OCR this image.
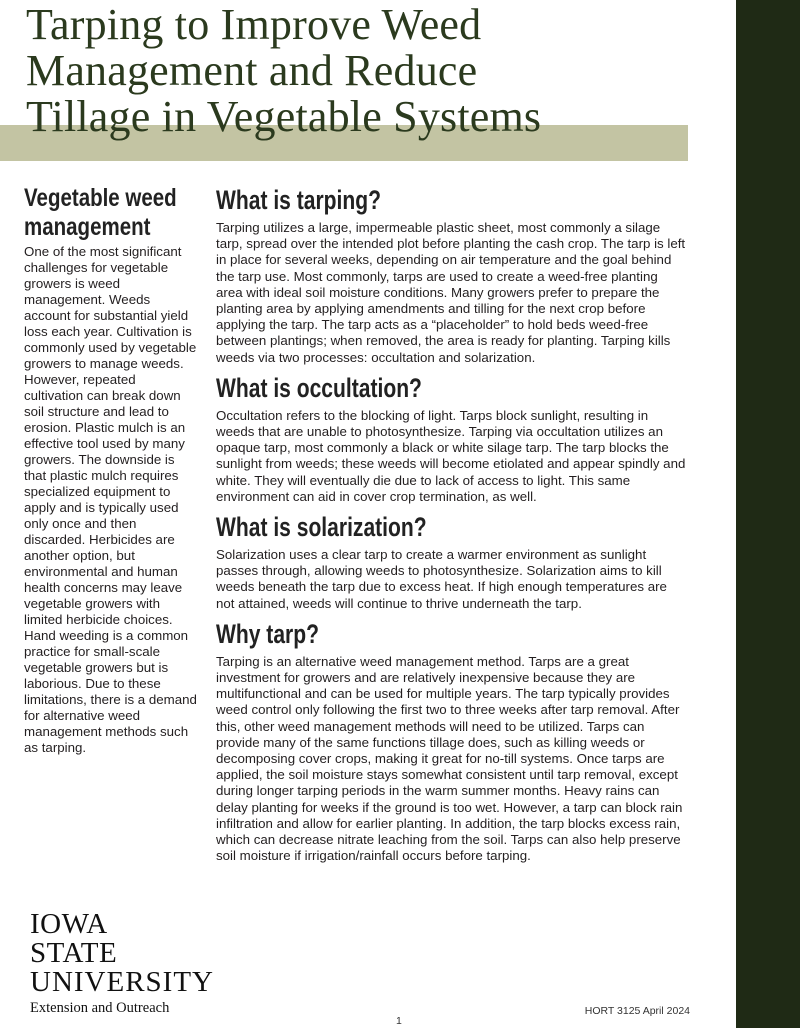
Tarping to Improve Weed
Management and Reduce
Tillage in Vegetable Systems
Vegetable weed management

One of the most significant challenges for vegetable growers is weed management. Weeds account for substantial yield loss each year. Cultivation is commonly used by vegetable growers to manage weeds. However, repeated cultivation can break down soil structure and lead to erosion. Plastic mulch is an effective tool used by many growers. The downside is that plastic mulch requires specialized equipment to apply and is typically used only once and then discarded. Herbicides are another option, but environmental and human health concerns may leave vegetable growers with limited herbicide choices. Hand weeding is a common practice for small-scale vegetable growers but is laborious. Due to these limitations, there is a demand for alternative weed management methods such as tarping.

What is tarping?

Tarping utilizes a large, impermeable plastic sheet, most commonly a silage tarp, spread over the intended plot before planting the cash crop. The tarp is left in place for several weeks, depending on air temperature and the goal behind the tarp use. Most commonly, tarps are used to create a weed-free planting area with ideal soil moisture conditions. Many growers prefer to prepare the planting area by applying amendments and tilling for the next crop before applying the tarp. The tarp acts as a “placeholder” to hold beds weed-free between plantings; when removed, the area is ready for planting. Tarping kills weeds via two processes: occultation and solarization.

What is occultation?

Occultation refers to the blocking of light. Tarps block sunlight, resulting in weeds that are unable to photosynthesize. Tarping via occultation utilizes an opaque tarp, most commonly a black or white silage tarp. The tarp blocks the sunlight from weeds; these weeds will become etiolated and appear spindly and white. They will eventually die due to lack of access to light. This same environment can aid in cover crop termination, as well.

What is solarization?

Solarization uses a clear tarp to create a warmer environment as sunlight passes through, allowing weeds to photosynthesize. Solarization aims to kill weeds beneath the tarp due to excess heat. If high enough temperatures are not attained, weeds will continue to thrive underneath the tarp.

Why tarp?

Tarping is an alternative weed management method. Tarps are a great investment for growers and are relatively inexpensive because they are multifunctional and can be used for multiple years. The tarp typically provides weed control only following the first two to three weeks after tarp removal. After this, other weed management methods will need to be utilized. Tarps can provide many of the same functions tillage does, such as killing weeds or decomposing cover crops, making it great for no-till systems. Once tarps are applied, the soil moisture stays somewhat consistent until tarp removal, except during longer tarping periods in the warm summer months. Heavy rains can delay planting for weeks if the ground is too wet. However, a tarp can block rain infiltration and allow for earlier planting. In addition, the tarp blocks excess rain, which can decrease nitrate leaching from the soil. Tarps can also help preserve soil moisture if irrigation/rainfall occurs before tarping.

IOWA STATE
UNIVERSITY
Extension and Outreach	HORT 3125 April 2024
1
